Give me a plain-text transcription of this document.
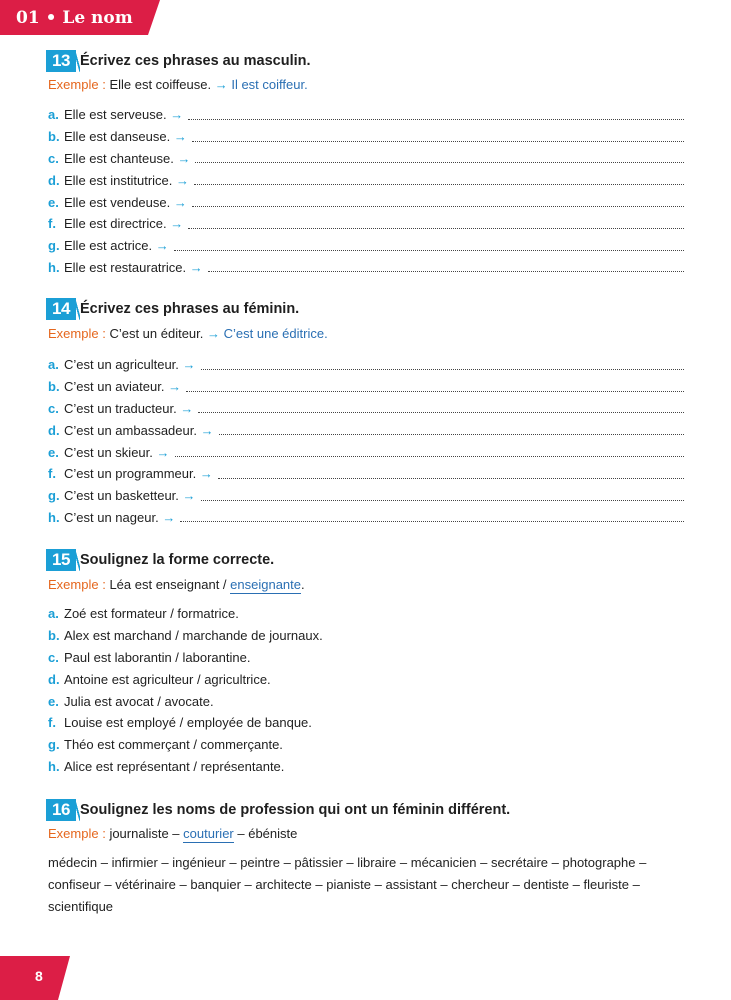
01 • Le nom
13 Écrivez ces phrases au masculin.
Exemple : Elle est coiffeuse. → Il est coiffeur.
a. Elle est serveuse.
→
b. Elle est danseuse.
→
c. Elle est chanteuse.
→
d. Elle est institutrice.
→
e. Elle est vendeuse.
→
f. Elle est directrice.
→
g. Elle est actrice.
→
h. Elle est restauratrice.
→
14 Écrivez ces phrases au féminin.
Exemple : C’est un éditeur. → C’est une éditrice.
a. C’est un agriculteur.
→
b. C’est un aviateur.
→
c. C’est un traducteur.
→
d. C’est un ambassadeur.
→
e. C’est un skieur.
→
f. C’est un programmeur.
→
g. C’est un basketteur.
→
h. C’est un nageur.
→
15 Soulignez la forme correcte.
Exemple : Léa est enseignant / enseignante.
a. Zoé est formateur / formatrice.
b. Alex est marchand / marchande de journaux.
c. Paul est laborantin / laborantine.
d. Antoine est agriculteur / agricultrice.
e. Julia est avocat / avocate.
f. Louise est employé / employée de banque.
g. Théo est commerçant / commerçante.
h. Alice est représentant / représentante.
16 Soulignez les noms de profession qui ont un féminin différent.
Exemple : journaliste – couturier – ébéniste
médecin – infirmier – ingénieur – peintre – pâtissier – libraire – mécanicien – secrétaire – photographe – confiseur – vétérinaire – banquier – architecte – pianiste – assistant – chercheur – dentiste – fleuriste – scientifique
8
